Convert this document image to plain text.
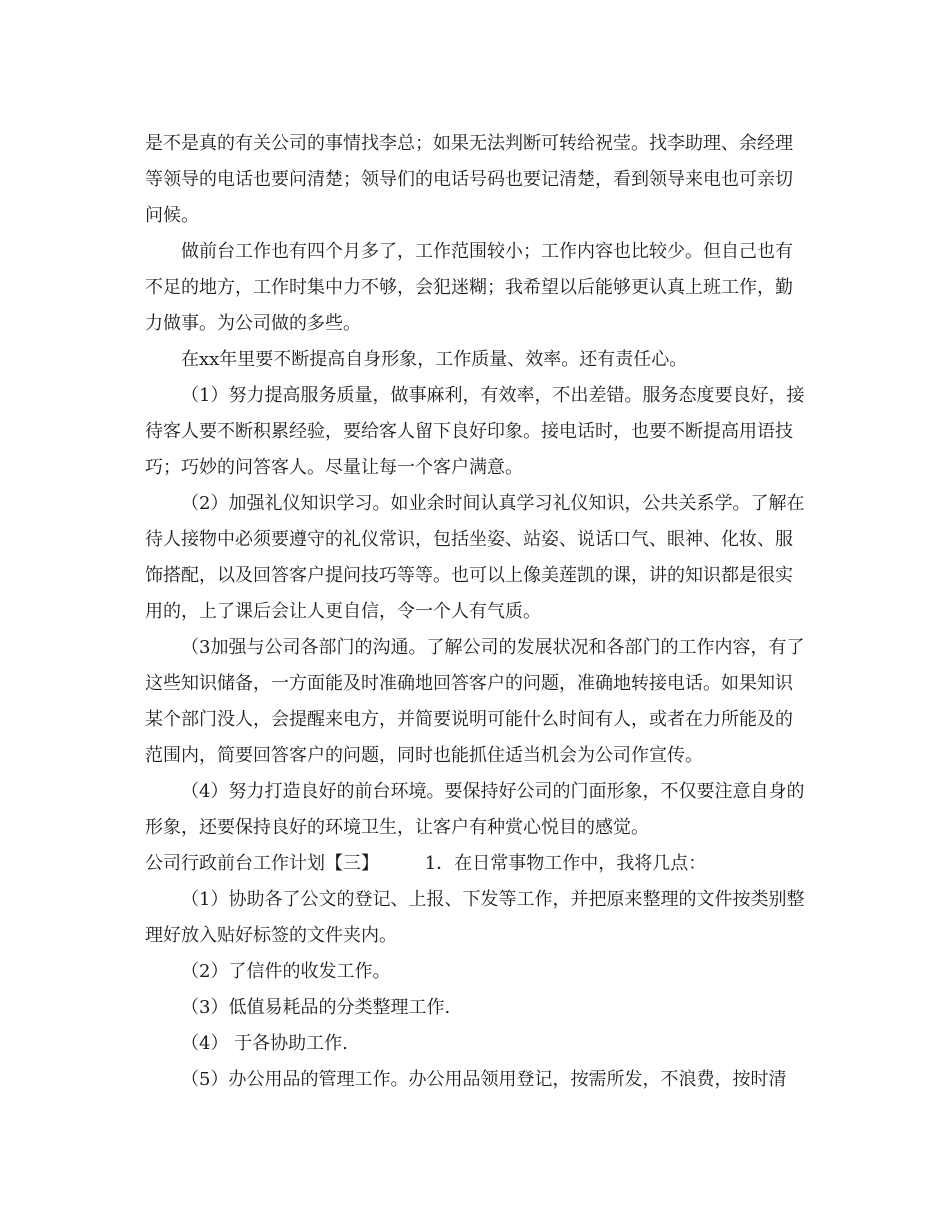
是不是真的有关公司的事情找李总；如果无法判断可转给祝莹。找李助理、余经理等领导的电话也要问清楚；领导们的电话号码也要记清楚，看到领导来电也可亲切问候。

做前台工作也有四个月多了，工作范围较小；工作内容也比较少。但自己也有不足的地方，工作时集中力不够，会犯迷糊；我希望以后能够更认真上班工作，勤力做事。为公司做的多些。

在xx年里要不断提高自身形象，工作质量、效率。还有责任心。

（1）努力提高服务质量，做事麻利，有效率，不出差错。服务态度要良好，接待客人要不断积累经验，要给客人留下良好印象。接电话时，也要不断提高用语技巧；巧妙的问答客人。尽量让每一个客户满意。

（2）加强礼仪知识学习。如业余时间认真学习礼仪知识，公共关系学。了解在待人接物中必须要遵守的礼仪常识，包括坐姿、站姿、说话口气、眼神、化妆、服饰搭配，以及回答客户提问技巧等等。也可以上像美莲凯的课，讲的知识都是很实用的，上了课后会让人更自信，令一个人有气质。

（3加强与公司各部门的沟通。了解公司的发展状况和各部门的工作内容，有了这些知识储备，一方面能及时准确地回答客户的问题，准确地转接电话。如果知识某个部门没人，会提醒来电方，并简要说明可能什么时间有人，或者在力所能及的范围内，简要回答客户的问题，同时也能抓住适当机会为公司作宣传。

（4）努力打造良好的前台环境。要保持好公司的门面形象，不仅要注意自身的形象，还要保持良好的环境卫生，让客户有种赏心悦目的感觉。

公司行政前台工作计划【三】        1．在日常事物工作中，我将几点：

（1）协助各了公文的登记、上报、下发等工作，并把原来整理的文件按类别整理好放入贴好标签的文件夹内。

（2）了信件的收发工作。

（3）低值易耗品的分类整理工作.

（4） 于各协助工作.

（5）办公用品的管理工作。办公用品领用登记，按需所发，不浪费，按时清
